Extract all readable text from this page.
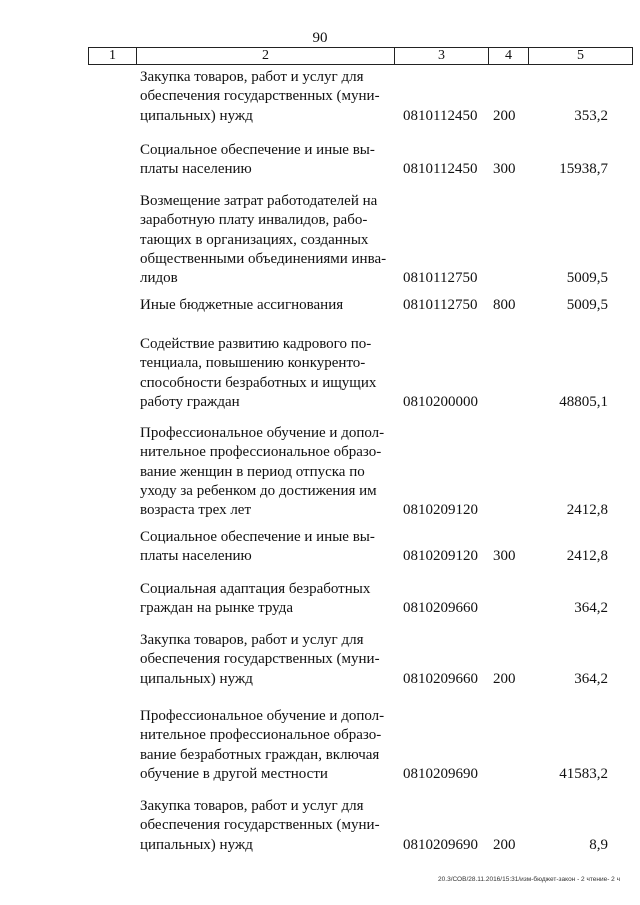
90
1	2	3	4	5
Закупка товаров, работ и услуг для
обеспечения государственных (муни-
ципальных) нужд	0810112450 200	353,2
Социальное обеспечение и иные вы-
платы населению	0810112450 300	15938,7
Возмещение затрат работодателей на
заработную плату инвалидов, рабо-
тающих в организациях, созданных
общественными объединениями инва-
лидов	0810112750	5009,5
Иные бюджетные ассигнования	0810112750 800	5009,5
Содействие развитию кадрового по-
тенциала, повышению конкуренто-
способности безработных и ищущих
работу граждан	0810200000	48805,1
Профессиональное обучение и допол-
нительное профессиональное образо-
вание женщин в период отпуска по
уходу за ребенком до достижения им
возраста трех лет	0810209120	2412,8
Социальное обеспечение и иные вы-
платы населению	0810209120 300	2412,8
Социальная адаптация безработных
граждан на рынке труда	0810209660	364,2
Закупка товаров, работ и услуг для
обеспечения государственных (муни-
ципальных) нужд	0810209660 200	364,2
Профессиональное обучение и допол-
нительное профессиональное образо-
вание безработных граждан, включая
обучение в другой местности	0810209690	41583,2
Закупка товаров, работ и услуг для
обеспечения государственных (муни-
ципальных) нужд	0810209690 200	8,9
20.3/СОВ/28.11.2016/15:31/изм-бюджет-закон - 2 чтение- 2 ч
